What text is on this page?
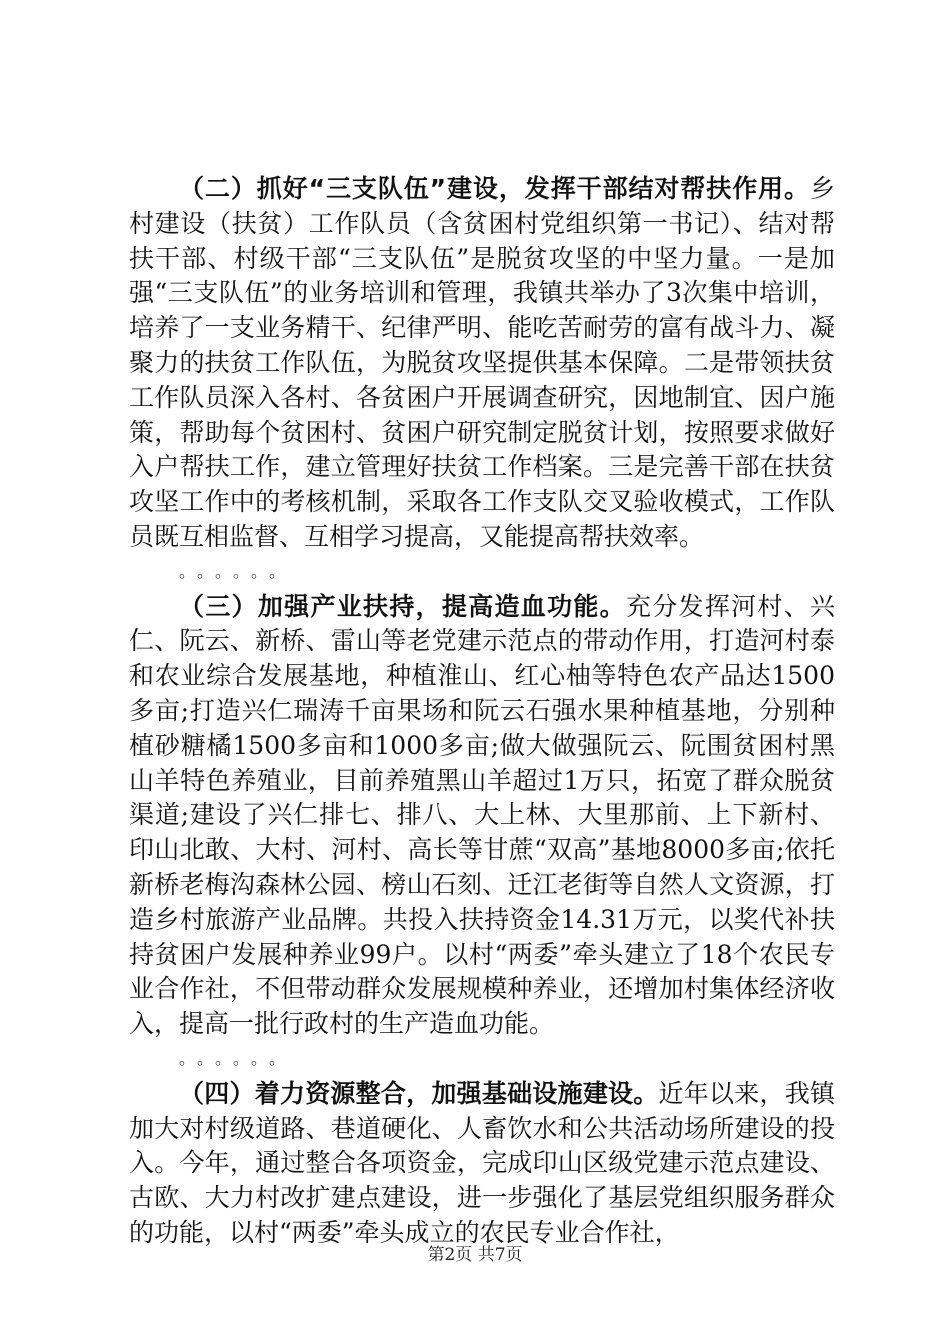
（二）抓好“三支队伍”建设，发挥干部结对帮扶作用。乡村建设（扶贫）工作队员（含贫困村党组织第一书记）、结对帮扶干部、村级干部“三支队伍”是脱贫攻坚的中坚力量。一是加强“三支队伍”的业务培训和管理，我镇共举办了3次集中培训，培养了一支业务精干、纪律严明、能吃苦耐劳的富有战斗力、凝聚力的扶贫工作队伍，为脱贫攻坚提供基本保障。二是带领扶贫工作队员深入各村、各贫困户开展调查研究，因地制宜、因户施策，帮助每个贫困村、贫困户研究制定脱贫计划，按照要求做好入户帮扶工作，建立管理好扶贫工作档案。三是完善干部在扶贫攻坚工作中的考核机制，采取各工作支队交叉验收模式，工作队员既互相监督、互相学习提高，又能提高帮扶效率。

。。。。。。

（三）加强产业扶持，提高造血功能。充分发挥河村、兴仁、阮云、新桥、雷山等老党建示范点的带动作用，打造河村泰和农业综合发展基地，种植淮山、红心柚等特色农产品达1500多亩;打造兴仁瑞涛千亩果场和阮云石强水果种植基地，分别种植砂糖橘1500多亩和1000多亩;做大做强阮云、阮围贫困村黑山羊特色养殖业，目前养殖黑山羊超过1万只，拓宽了群众脱贫渠道;建设了兴仁排七、排八、大上林、大里那前、上下新村、印山北敢、大村、河村、高长等甘蔗“双高”基地8000多亩;依托新桥老梅沟森林公园、榜山石刻、迁江老街等自然人文资源，打造乡村旅游产业品牌。共投入扶持资金14.31万元，以奖代补扶持贫困户发展种养业99户。以村“两委”牵头建立了18个农民专业合作社，不但带动群众发展规模种养业，还增加村集体经济收入，提高一批行政村的生产造血功能。

。。。。。。

（四）着力资源整合，加强基础设施建设。近年以来，我镇加大对村级道路、巷道硬化、人畜饮水和公共活动场所建设的投入。今年，通过整合各项资金，完成印山区级党建示范点建设、古欧、大力村改扩建点建设，进一步强化了基层党组织服务群众的功能，以村“两委”牵头成立的农民专业合作社，

第2页 共7页
